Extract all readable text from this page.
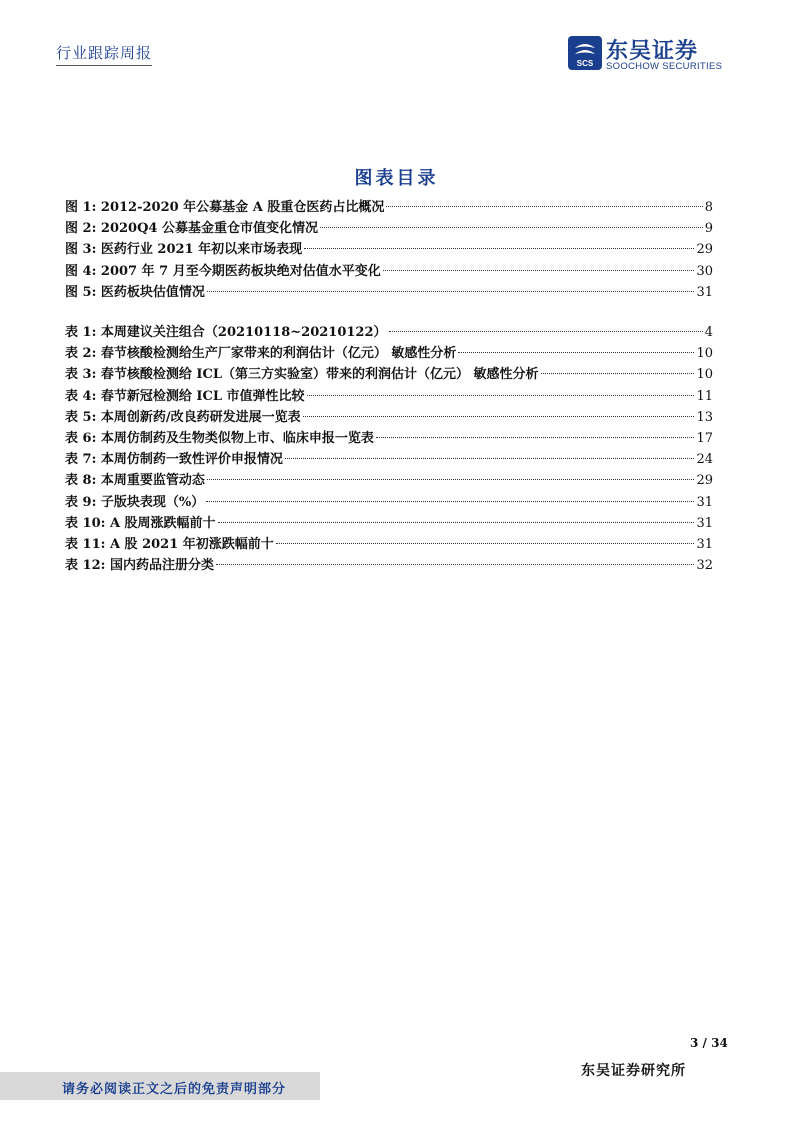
行业跟踪周报
SCS 东吴证券
SOOCHOW SECURITIES
图表目录
图 1: 2012-2020 年公募基金 A 股重仓医药占比概况	8
图 2: 2020Q4 公募基金重仓市值变化情况	9
图 3: 医药行业 2021 年初以来市场表现	29
图 4: 2007 年 7 月至今期医药板块绝对估值水平变化	30
图 5: 医药板块估值情况	31
表 1: 本周建议关注组合（20210118~20210122）	4
表 2: 春节核酸检测给生产厂家带来的利润估计（亿元） 敏感性分析	10
表 3: 春节核酸检测给 ICL（第三方实验室）带来的利润估计（亿元） 敏感性分析	10
表 4: 春节新冠检测给 ICL 市值弹性比较	11
表 5: 本周创新药/改良药研发进展一览表	13
表 6: 本周仿制药及生物类似物上市、临床申报一览表	17
表 7: 本周仿制药一致性评价申报情况	24
表 8: 本周重要监管动态	29
表 9: 子版块表现（%）	31
表 10: A 股周涨跌幅前十	31
表 11: A 股 2021 年初涨跌幅前十	31
表 12: 国内药品注册分类	32
3 / 34
东吴证券研究所
请务必阅读正文之后的免责声明部分
